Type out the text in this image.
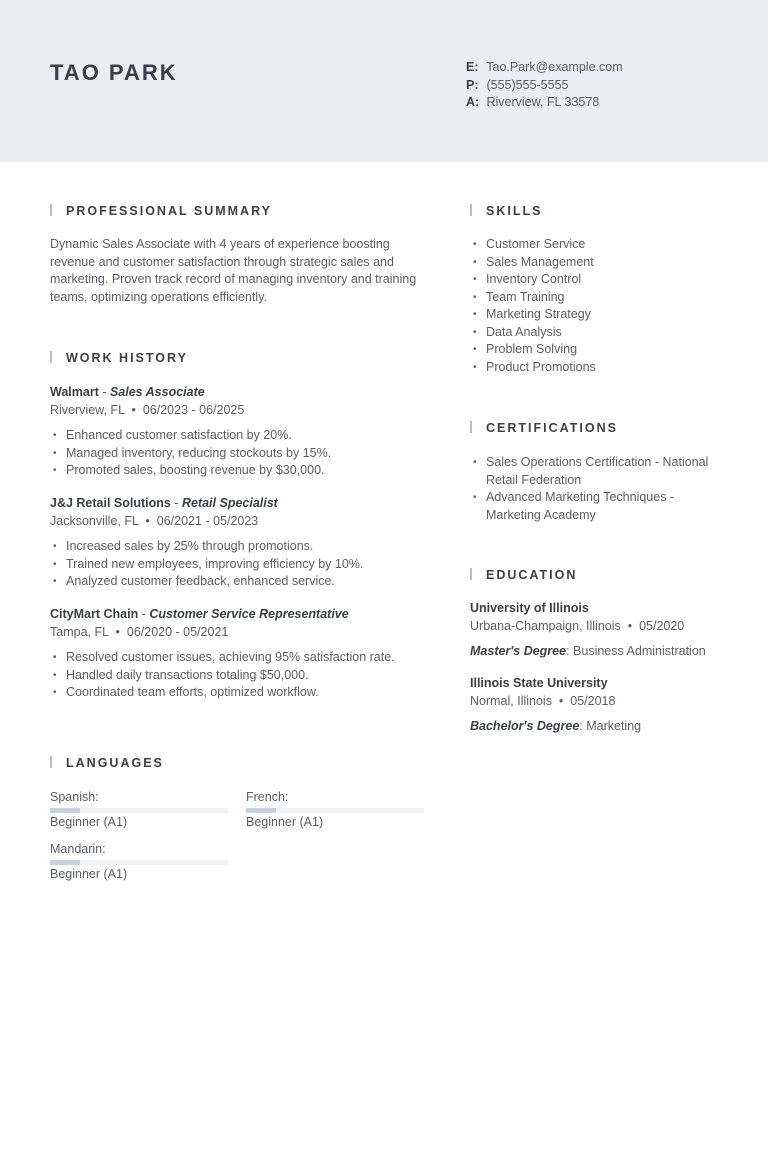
TAO PARK	E: Tao.Park@example.com
P: (555)555-5555
A: Riverview, FL 33578
PROFESSIONAL SUMMARY

Dynamic Sales Associate with 4 years of experience boosting revenue and customer satisfaction through strategic sales and marketing. Proven track record of managing inventory and training teams, optimizing operations efficiently.

WORK HISTORY
Walmart - Sales Associate
Riverview, FL  •  06/2023 - 06/2025
• Enhanced customer satisfaction by 20%.
• Managed inventory, reducing stockouts by 15%.
• Promoted sales, boosting revenue by $30,000.
J&J Retail Solutions - Retail Specialist
Jacksonville, FL  •  06/2021 - 05/2023
• Increased sales by 25% through promotions.
• Trained new employees, improving efficiency by 10%.
• Analyzed customer feedback, enhanced service.
CityMart Chain - Customer Service Representative
Tampa, FL  •  06/2020 - 05/2021
• Resolved customer issues, achieving 95% satisfaction rate.
• Handled daily transactions totaling $50,000.
• Coordinated team efforts, optimized workflow.
LANGUAGES
Spanish:
Beginner (A1)
French:
Beginner (A1)
Mandarin:
Beginner (A1)
SKILLS
• Customer Service
• Sales Management
• Inventory Control
• Team Training
• Marketing Strategy
• Data Analysis
• Problem Solving
• Product Promotions
CERTIFICATIONS
• Sales Operations Certification - National Retail Federation
• Advanced Marketing Techniques - Marketing Academy
EDUCATION
University of Illinois
Urbana-Champaign, Illinois  •  05/2020
Master's Degree: Business Administration
Illinois State University
Normal, Illinois  •  05/2018
Bachelor's Degree: Marketing
